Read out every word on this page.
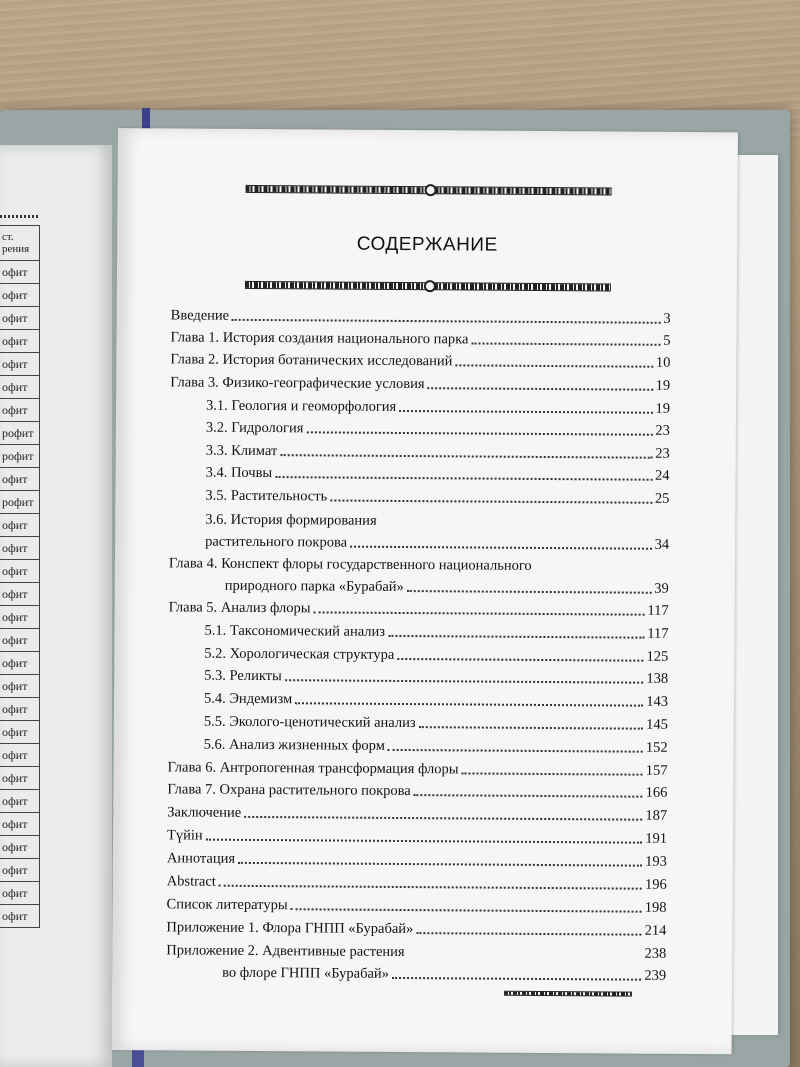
ст.
рения
офит
офит
офит
офит
офит
офит
офит
рофит
рофит
офит
рофит
офит
офит
офит
офит
офит
офит
офит
офит
офит
офит
офит
офит
офит
офит
офит
офит
офит
офит
СОДЕРЖАНИЕ
Введение	3
Глава 1. История создания национального парка	5
Глава 2. История ботанических исследований	10
Глава 3. Физико-географические условия	19
3.1. Геология и геоморфология	19
3.2. Гидрология	23
3.3. Климат	23
3.4. Почвы	24
3.5. Растительность	25
3.6. История формирования
растительного покрова	34
Глава 4. Конспект флоры государственного национального
природного парка «Бурабай»	39
Глава 5. Анализ флоры	117
5.1. Таксономический анализ	117
5.2. Хорологическая структура	125
5.3. Реликты	138
5.4. Эндемизм	143
5.5. Эколого-ценотический анализ	145
5.6. Анализ жизненных форм	152
Глава 6. Антропогенная трансформация флоры	157
Глава 7. Охрана растительного покрова	166
Заключение	187
Түйін	191
Аннотация	193
Abstract	196
Список литературы	198
Приложение 1. Флора ГНПП «Бурабай»	214
Приложение 2. Адвентивные растения	238
во флоре ГНПП «Бурабай»	239
